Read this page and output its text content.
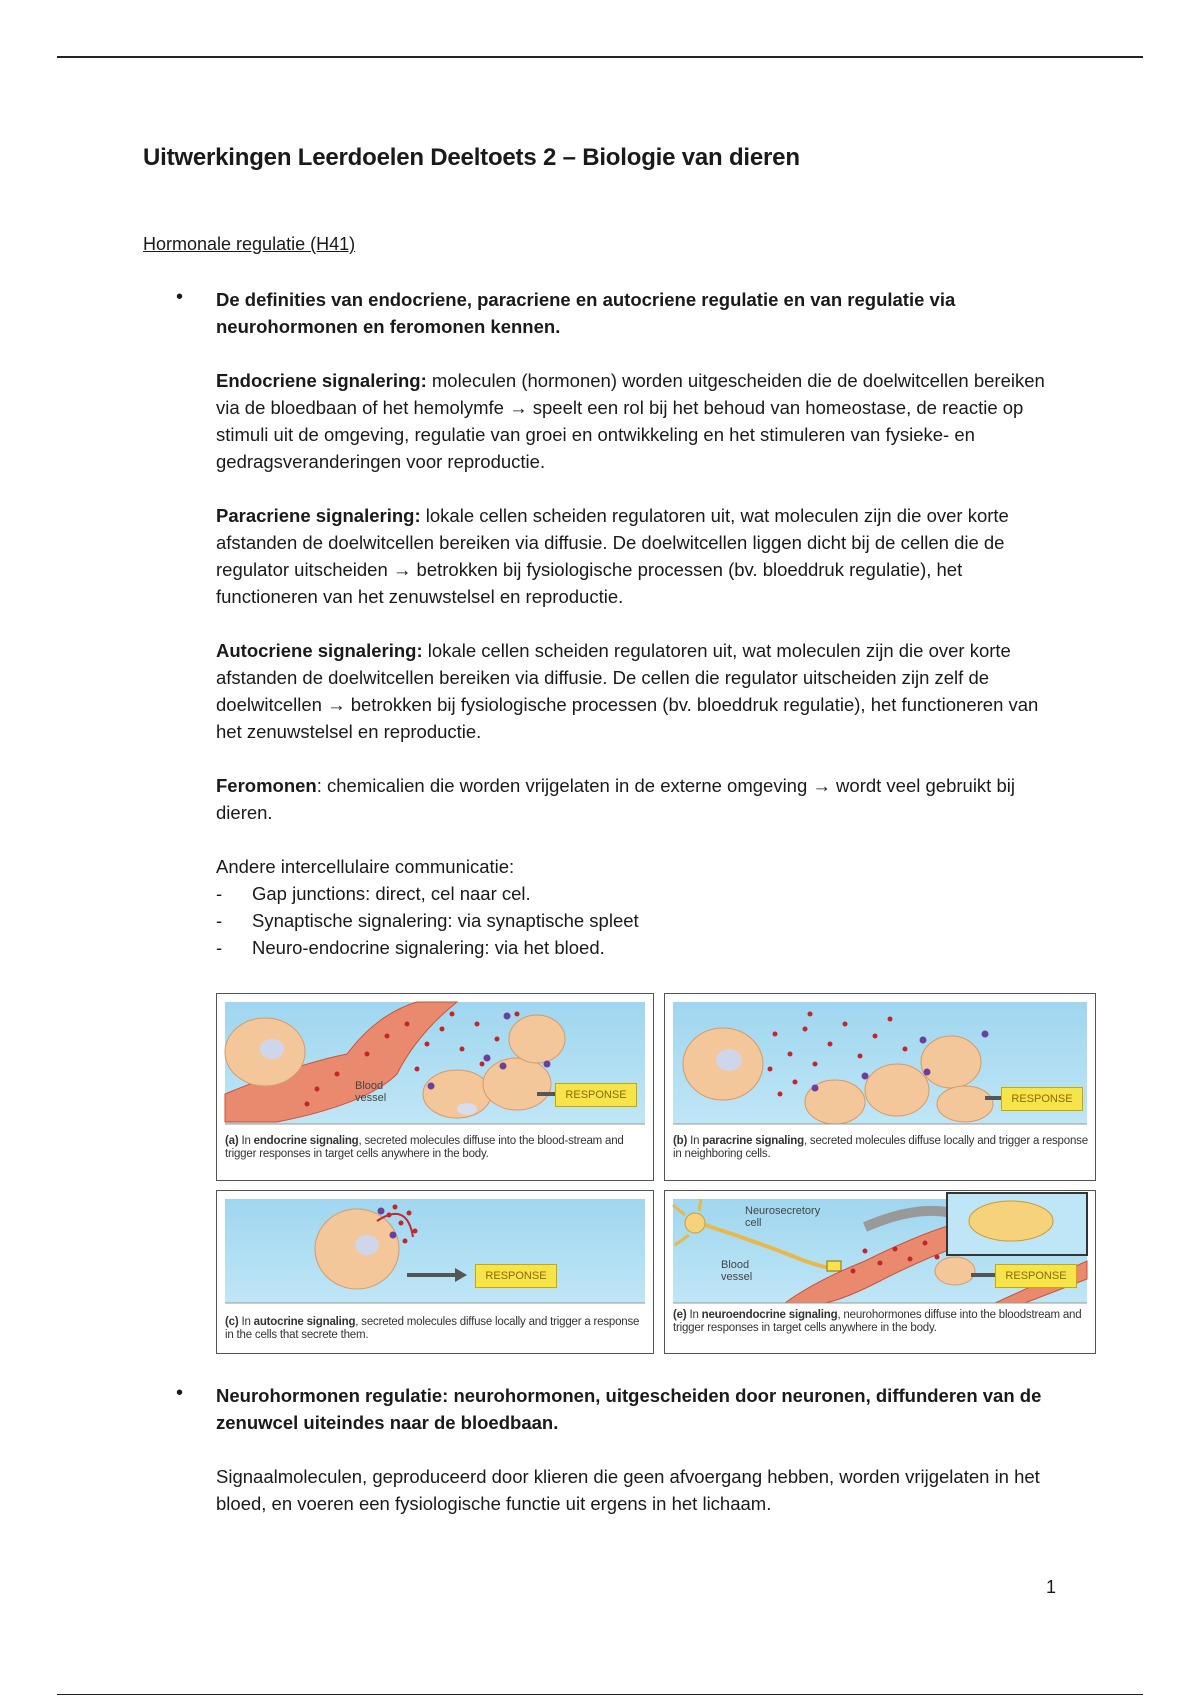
Uitwerkingen Leerdoelen Deeltoets 2 – Biologie van dieren
Hormonale regulatie (H41)
• De definities van endocriene, paracriene en autocriene regulatie en van regulatie via neurohormonen en feromonen kennen.

Endocriene signalering: moleculen (hormonen) worden uitgescheiden die de doelwitcellen bereiken via de bloedbaan of het hemolymfe → speelt een rol bij het behoud van homeostase, de reactie op stimuli uit de omgeving, regulatie van groei en ontwikkeling en het stimuleren van fysieke- en gedragsveranderingen voor reproductie.

Paracriene signalering: lokale cellen scheiden regulatoren uit, wat moleculen zijn die over korte afstanden de doelwitcellen bereiken via diffusie. De doelwitcellen liggen dicht bij de cellen die de regulator uitscheiden → betrokken bij fysiologische processen (bv. bloeddruk regulatie), het functioneren van het zenuwstelsel en reproductie.

Autocriene signalering: lokale cellen scheiden regulatoren uit, wat moleculen zijn die over korte afstanden de doelwitcellen bereiken via diffusie. De cellen die regulator uitscheiden zijn zelf de doelwitcellen → betrokken bij fysiologische processen (bv. bloeddruk regulatie), het functioneren van het zenuwstelsel en reproductie.

Feromonen: chemicalien die worden vrijgelaten in de externe omgeving → wordt veel gebruikt bij dieren.

Andere intercellulaire communicatie:

- Gap junctions: direct, cel naar cel.
- Synaptische signalering: via synaptische spleet
- Neuro-endocrine signalering: via het bloed.
Blood vessel	RESPONSE
(a) In endocrine signaling, secreted molecules diffuse into the blood-stream and trigger responses in target cells anywhere in the body.
RESPONSE
(b) In paracrine signaling, secreted molecules diffuse locally and trigger a response in neighboring cells.
RESPONSE
(c) In autocrine signaling, secreted molecules diffuse locally and trigger a response in the cells that secrete them.
Neurosecretory cell
Blood vessel	RESPONSE
(e) In neuroendocrine signaling, neurohormones diffuse into the bloodstream and trigger responses in target cells anywhere in the body.
• Neurohormonen regulatie: neurohormonen, uitgescheiden door neuronen, diffunderen van de zenuwcel uiteindes naar de bloedbaan.

Signaalmoleculen, geproduceerd door klieren die geen afvoergang hebben, worden vrijgelaten in het bloed, en voeren een fysiologische functie uit ergens in het lichaam.

1
